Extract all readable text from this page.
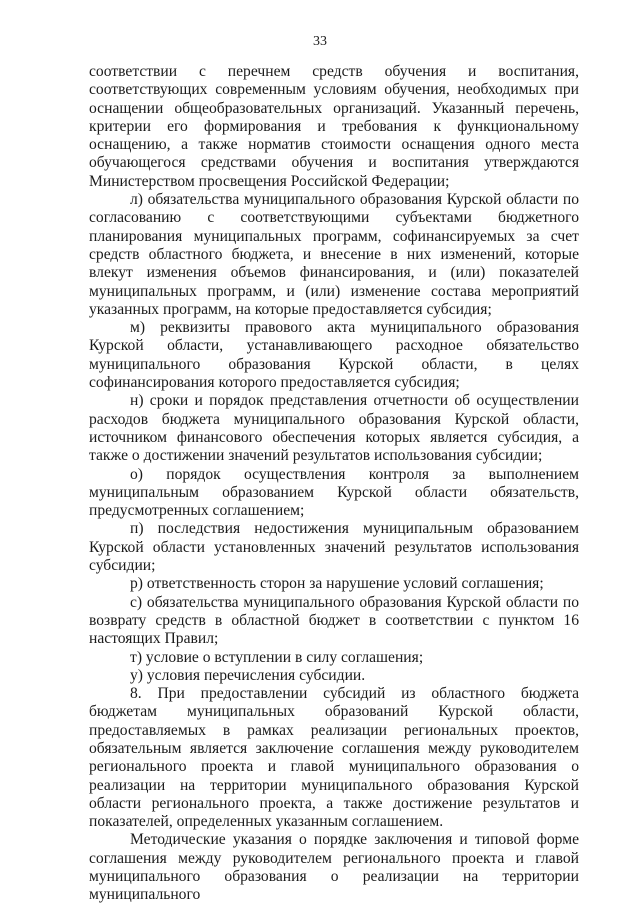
33

соответствии с перечнем средств обучения и воспитания, соответствующих современным условиям обучения, необходимых при оснащении общеобразовательных организаций. Указанный перечень, критерии его формирования и требования к функциональному оснащению, а также норматив стоимости оснащения одного места обучающегося средствами обучения и воспитания утверждаются Министерством просвещения Российской Федерации;

л) обязательства муниципального образования Курской области по согласованию с соответствующими субъектами бюджетного планирования муниципальных программ, софинансируемых за счет средств областного бюджета, и внесение в них изменений, которые влекут изменения объемов финансирования, и (или) показателей муниципальных программ, и (или) изменение состава мероприятий указанных программ, на которые предоставляется субсидия;

м) реквизиты правового акта муниципального образования Курской области, устанавливающего расходное обязательство муниципального образования Курской области, в целях софинансирования которого предоставляется субсидия;

н) сроки и порядок представления отчетности об осуществлении расходов бюджета муниципального образования Курской области, источником финансового обеспечения которых является субсидия, а также о достижении значений результатов использования субсидии;

о) порядок осуществления контроля за выполнением муниципальным образованием Курской области обязательств, предусмотренных соглашением;

п) последствия недостижения муниципальным образованием Курской области установленных значений результатов использования субсидии;

р) ответственность сторон за нарушение условий соглашения;

с) обязательства муниципального образования Курской области по возврату средств в областной бюджет в соответствии с пунктом 16 настоящих Правил;

т) условие о вступлении в силу соглашения;

у) условия перечисления субсидии.

8. При предоставлении субсидий из областного бюджета бюджетам муниципальных образований Курской области, предоставляемых в рамках реализации региональных проектов, обязательным является заключение соглашения между руководителем регионального проекта и главой муниципального образования о реализации на территории муниципального образования Курской области регионального проекта, а также достижение результатов и показателей, определенных указанным соглашением.

Методические указания о порядке заключения и типовой форме соглашения между руководителем регионального проекта и главой муниципального образования о реализации на территории муниципального
